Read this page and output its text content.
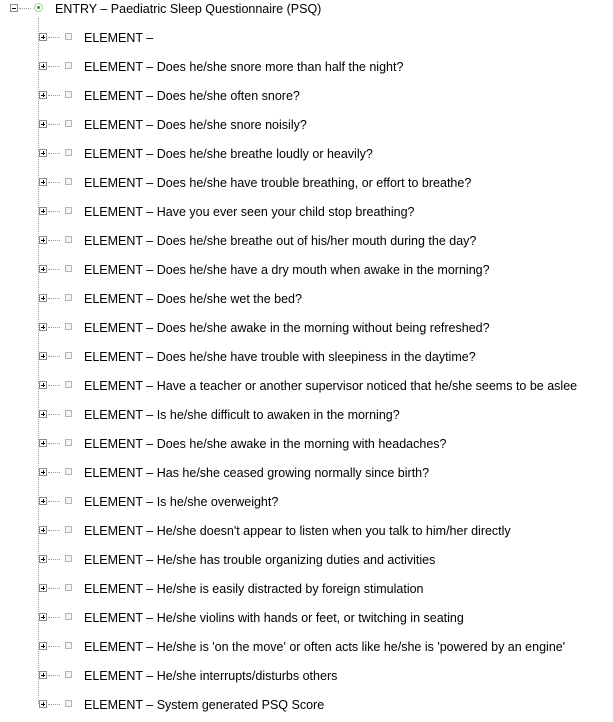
ENTRY – Paediatric Sleep Questionnaire (PSQ)
ELEMENT –
ELEMENT – Does he/she snore more than half the night?
ELEMENT – Does he/she often snore?
ELEMENT – Does he/she snore noisily?
ELEMENT – Does he/she breathe loudly or heavily?
ELEMENT – Does he/she have trouble breathing, or effort to breathe?
ELEMENT – Have you ever seen your child stop breathing?
ELEMENT – Does he/she breathe out of his/her mouth during the day?
ELEMENT – Does he/she have a dry mouth when awake in the morning?
ELEMENT – Does he/she wet the bed?
ELEMENT – Does he/she awake in the morning without being refreshed?
ELEMENT – Does he/she have trouble with sleepiness in the daytime?
ELEMENT – Have a teacher or another supervisor noticed that he/she seems to be aslee
ELEMENT – Is he/she difficult to awaken in the morning?
ELEMENT – Does he/she awake in the morning with headaches?
ELEMENT – Has he/she ceased growing normally since birth?
ELEMENT – Is he/she overweight?
ELEMENT – He/she doesn't appear to listen when you talk to him/her directly
ELEMENT – He/she has trouble organizing duties and activities
ELEMENT – He/she is easily distracted by foreign stimulation
ELEMENT – He/she violins with hands or feet, or twitching in seating
ELEMENT – He/she is 'on the move' or often acts like he/she is 'powered by an engine'
ELEMENT – He/she interrupts/disturbs others
ELEMENT – System generated PSQ Score
